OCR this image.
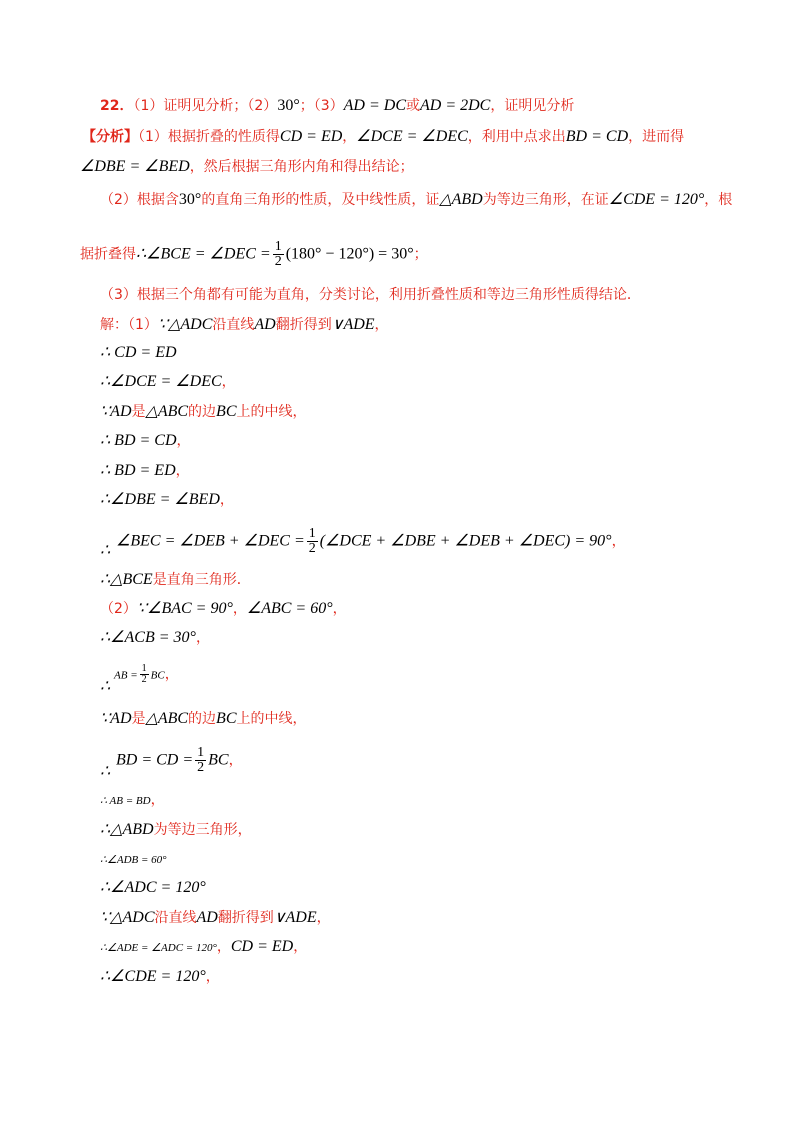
22．（1）证明见分析；（2）30°；（3）AD = DC或AD = 2DC，证明见分析
【分析】（1）根据折叠的性质得CD = ED，∠DCE = ∠DEC，利用中点求出BD = CD，进而得
∠DBE = ∠BED，然后根据三角形内角和得出结论；
（2）根据含30°的直角三角形的性质，及中线性质，证△ABD为等边三角形，在证∠CDE = 120°，根
据折叠得∴∠BCE = ∠DEC = $\frac{1}{2} (180^\circ - 120^\circ) = 30^\circ$；
（3）根据三个角都有可能为直角，分类讨论，利用折叠性质和等边三角形性质得结论．
解：（1）∵△ADC沿直线AD翻折得到∨ADE，
∴ CD = ED
∴∠DCE = ∠DEC，
∵AD是△ABC的边BC上的中线，
∴ BD = CD，
∴ BD = ED，
∴∠DBE = ∠BED，
∠BEC = ∠DEB + ∠DEC = $\frac{1}{2}$ (∠DCE + ∠DBE + ∠DEB + ∠DEC) = 90°，
∴
∴△BCE是直角三角形．
（2）∵∠BAC = 90°，∠ABC = 60°，
∴∠ACB = 30°，
AB = $\frac{1}{2}$ BC，
∴
∵AD是△ABC的边BC上的中线，
BD = CD = $\frac{1}{2}$ BC，
∴
∴ AB = BD，
∴△ABD为等边三角形，
∴∠ADB = 60°
∴∠ADC = 120°
∵△ADC沿直线AD翻折得到∨ADE，
∴∠ADE = ∠ADC = 120°，CD = ED，
∴∠CDE = 120°，
